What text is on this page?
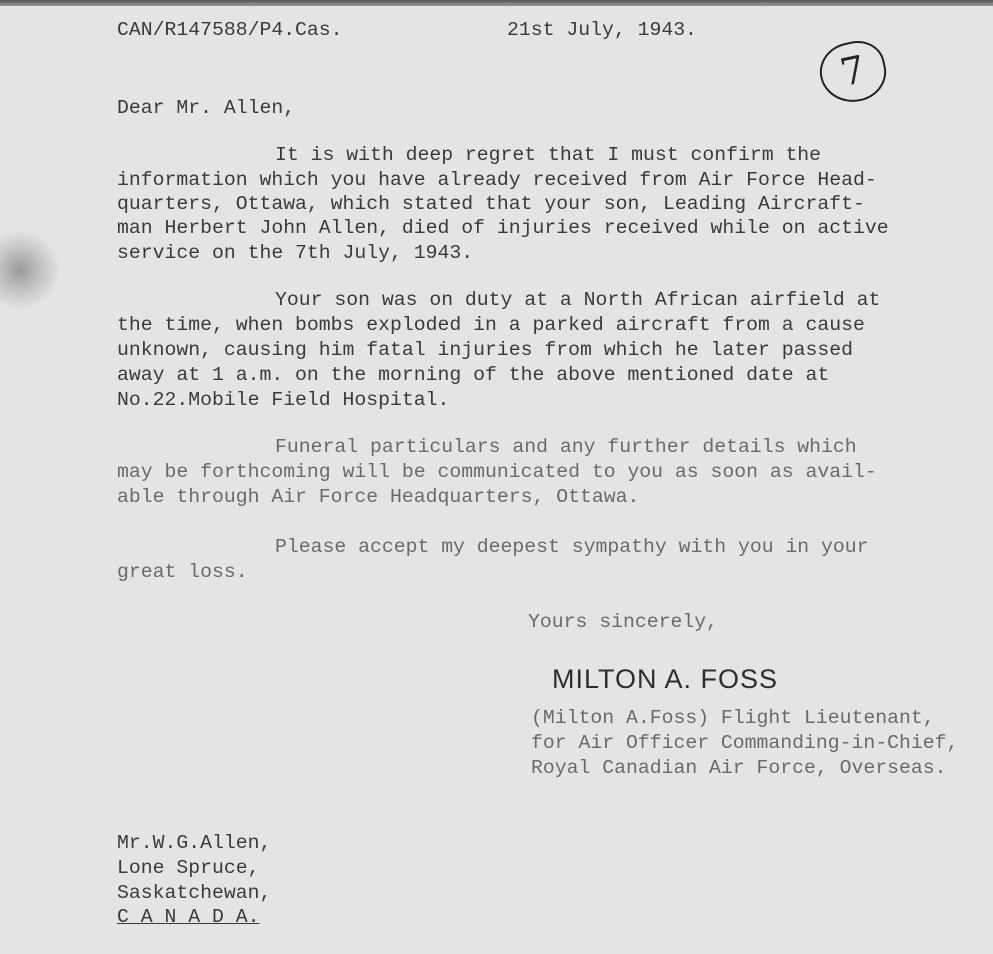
CAN/R147588/P4.Cas.	21st July, 1943.
7
Dear Mr. Allen,
It is with deep regret that I must confirm the
information which you have already received from Air Force Head-
quarters, Ottawa, which stated that your son, Leading Aircraft-
man Herbert John Allen, died of injuries received while on active
service on the 7th July, 1943.
Your son was on duty at a North African airfield at
the time, when bombs exploded in a parked aircraft from a cause
unknown, causing him fatal injuries from which he later passed
away at 1 a.m. on the morning of the above mentioned date at
No.22.Mobile Field Hospital.
Funeral particulars and any further details which
may be forthcoming will be communicated to you as soon as avail-
able through Air Force Headquarters, Ottawa.
Please accept my deepest sympathy with you in your
great loss.
Yours sincerely,
MILTON A. FOSS
(Milton A.Foss) Flight Lieutenant,
for Air Officer Commanding-in-Chief,
Royal Canadian Air Force, Overseas.
Mr.W.G.Allen,
Lone Spruce,
Saskatchewan,
C A N A D A.
